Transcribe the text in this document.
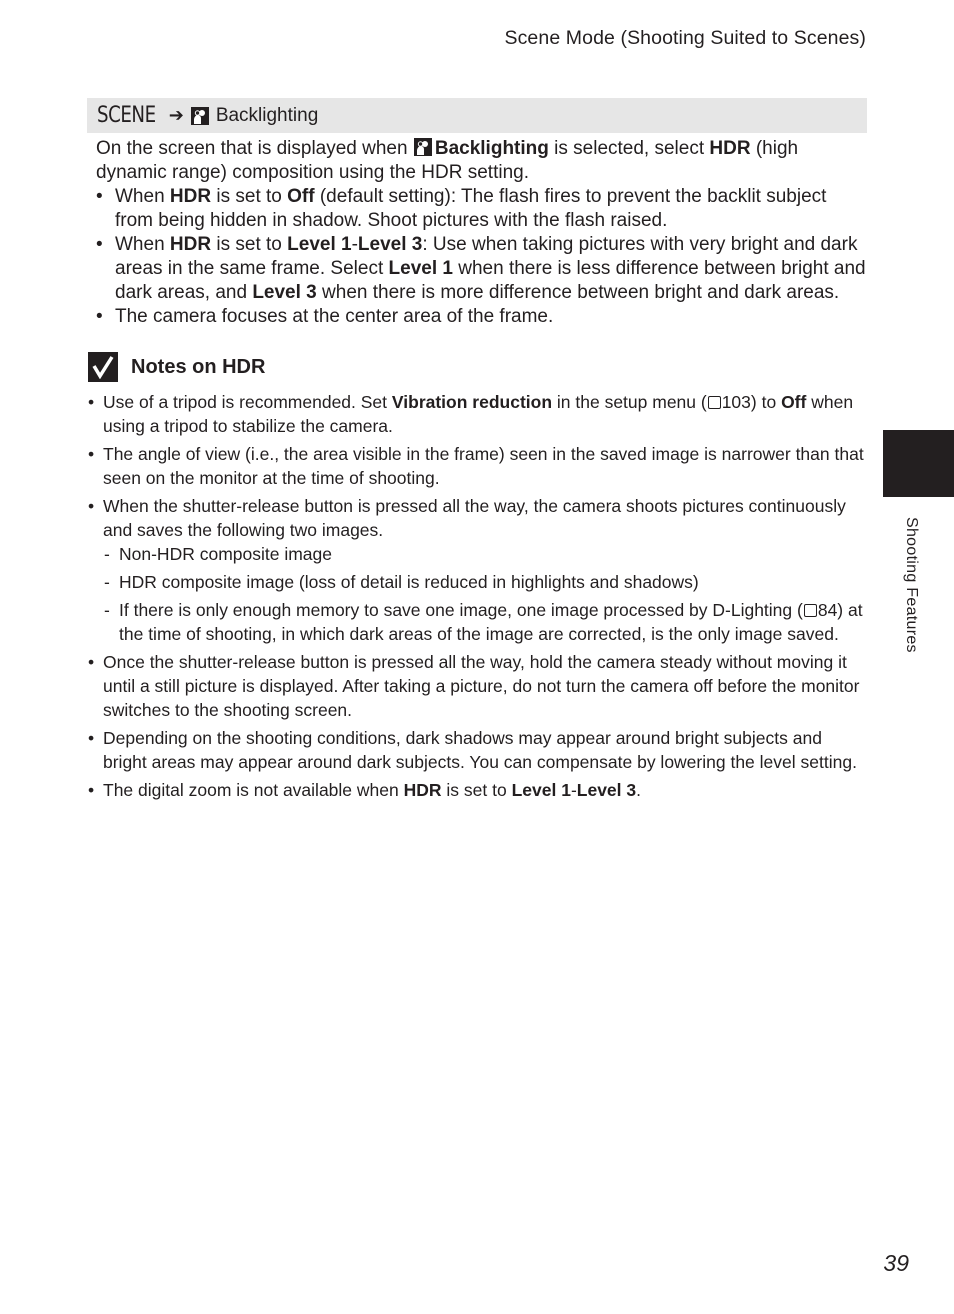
Scene Mode (Shooting Suited to Scenes)
SCENE ➔ Backlighting

On the screen that is displayed when Backlighting is selected, select HDR (high dynamic range) composition using the HDR setting.

• When HDR is set to Off (default setting): The flash fires to prevent the backlit subject from being hidden in shadow. Shoot pictures with the flash raised.
• When HDR is set to Level 1-Level 3: Use when taking pictures with very bright and dark areas in the same frame. Select Level 1 when there is less difference between bright and dark areas, and Level 3 when there is more difference between bright and dark areas.
• The camera focuses at the center area of the frame.
Notes on HDR
• Use of a tripod is recommended. Set Vibration reduction in the setup menu ( 103) to Off when using a tripod to stabilize the camera.
• The angle of view (i.e., the area visible in the frame) seen in the saved image is narrower than that seen on the monitor at the time of shooting.
• When the shutter-release button is pressed all the way, the camera shoots pictures continuously and saves the following two images.
- Non-HDR composite image
- HDR composite image (loss of detail is reduced in highlights and shadows)
- If there is only enough memory to save one image, one image processed by D-Lighting ( 84) at the time of shooting, in which dark areas of the image are corrected, is the only image saved.
• Once the shutter-release button is pressed all the way, hold the camera steady without moving it until a still picture is displayed. After taking a picture, do not turn the camera off before the monitor switches to the shooting screen.
• Depending on the shooting conditions, dark shadows may appear around bright subjects and bright areas may appear around dark subjects. You can compensate by lowering the level setting.
• The digital zoom is not available when HDR is set to Level 1-Level 3.
Shooting Features
39
